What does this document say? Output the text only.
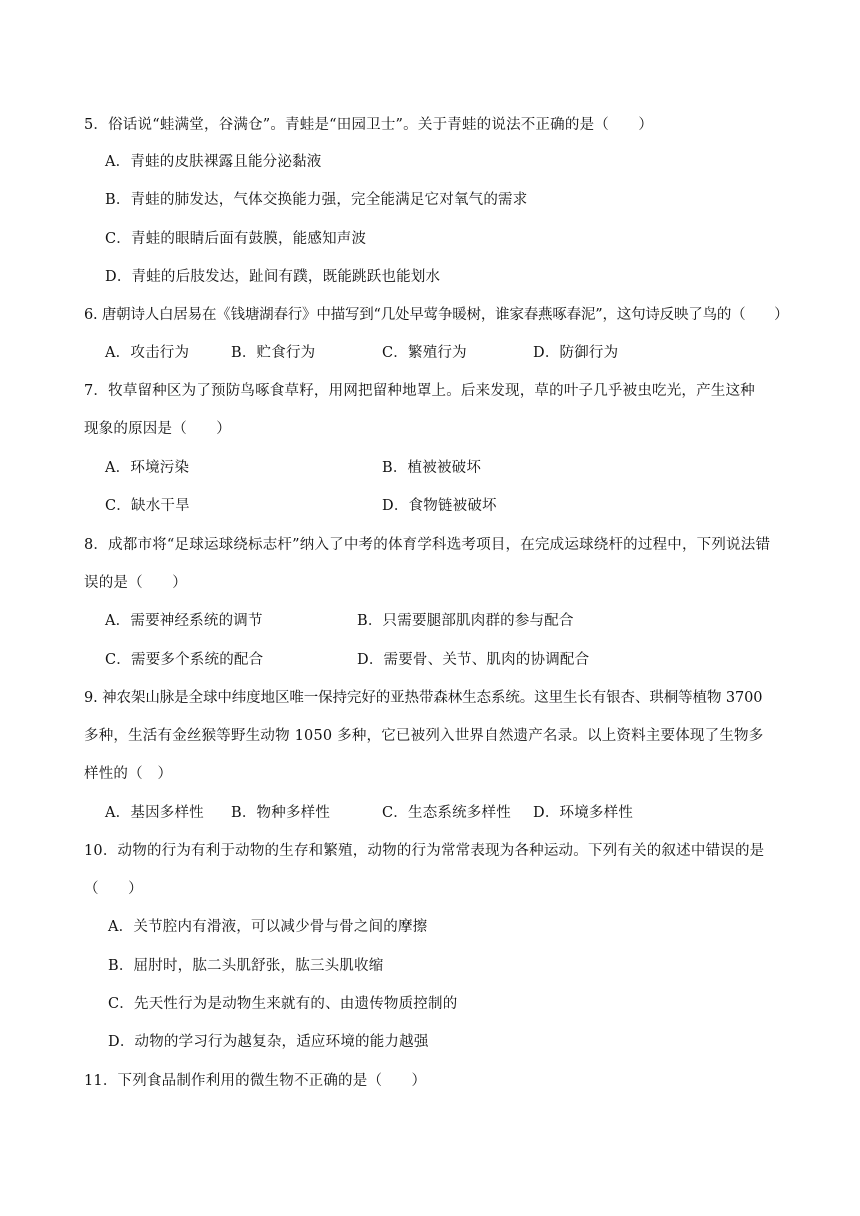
5．俗话说“蛙满堂，谷满仓”。青蛙是“田园卫士”。关于青蛙的说法不正确的是（　　）
A．青蛙的皮肤裸露且能分泌黏液
B．青蛙的肺发达，气体交换能力强，完全能满足它对氧气的需求
C．青蛙的眼睛后面有鼓膜，能感知声波
D．青蛙的后肢发达，趾间有蹼，既能跳跃也能划水
6. 唐朝诗人白居易在《钱塘湖春行》中描写到“几处早莺争暖树，谁家春燕啄春泥”，这句诗反映了鸟的（　　）
A．攻击行为	B．贮食行为	C．繁殖行为	D．防御行为
7．牧草留种区为了预防鸟啄食草籽，用网把留种地罩上。后来发现，草的叶子几乎被虫吃光，产生这种
现象的原因是（　　）
A．环境污染	B．植被被破坏
C．缺水干旱	D．食物链被破坏
8．成都市将“足球运球绕标志杆”纳入了中考的体育学科选考项目，在完成运球绕杆的过程中，下列说法错
误的是（　　）
A．需要神经系统的调节	B．只需要腿部肌肉群的参与配合
C．需要多个系统的配合	D．需要骨、关节、肌肉的协调配合
9. 神农架山脉是全球中纬度地区唯一保持完好的亚热带森林生态系统。这里生长有银杏、珙桐等植物 3700
多种，生活有金丝猴等野生动物 1050 多种，它已被列入世界自然遗产名录。以上资料主要体现了生物多
样性的（　）
A．基因多样性 B．物种多样性	C．生态系统多样性 D．环境多样性
10．动物的行为有利于动物的生存和繁殖，动物的行为常常表现为各种运动。下列有关的叙述中错误的是
（　　）
A．关节腔内有滑液，可以减少骨与骨之间的摩擦
B．屈肘时，肱二头肌舒张，肱三头肌收缩
C．先天性行为是动物生来就有的、由遗传物质控制的
D．动物的学习行为越复杂，适应环境的能力越强
11．下列食品制作利用的微生物不正确的是（　　）
